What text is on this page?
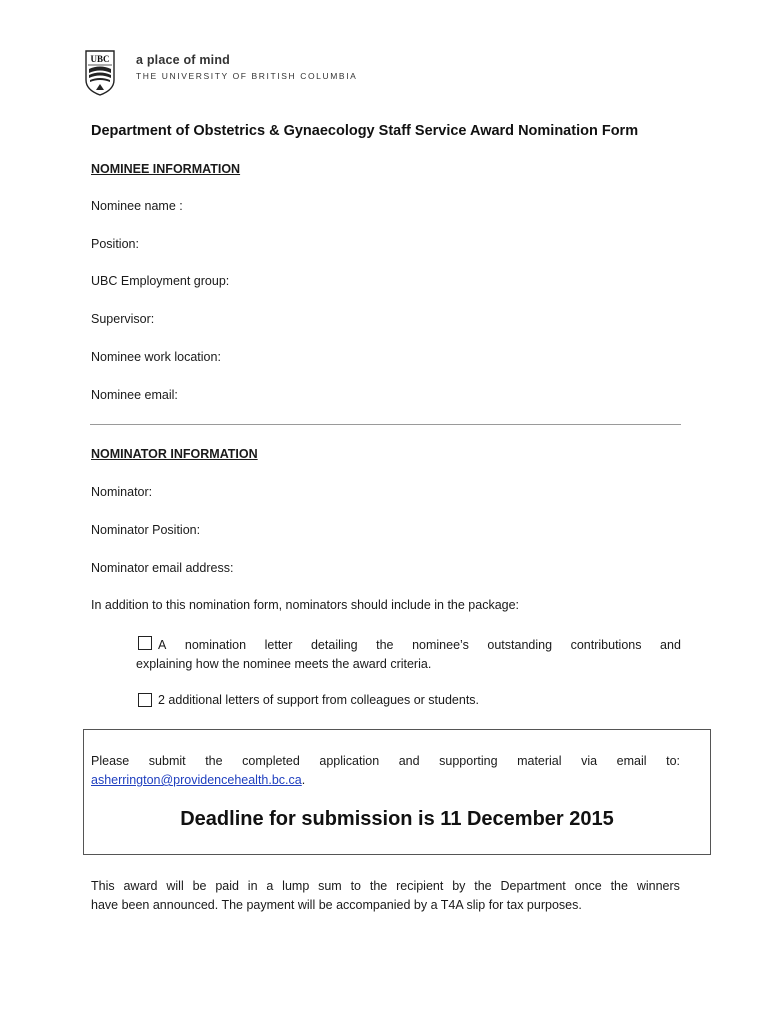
UBC a place of mind
THE UNIVERSITY OF BRITISH COLUMBIA
Department of Obstetrics & Gynaecology Staff Service Award Nomination Form
NOMINEE INFORMATION
Nominee name :
Position:
UBC Employment group:
Supervisor:
Nominee work location:
Nominee email:
NOMINATOR INFORMATION
Nominator:
Nominator Position:
Nominator email address:
In addition to this nomination form, nominators should include in the package:
A nomination letter detailing the nominee’s outstanding contributions and
explaining how the nominee meets the award criteria.
2 additional letters of support from colleagues or students.
Please submit the completed application and supporting material via email to:
asherrington@providencehealth.bc.ca.
Deadline for submission is 11 December 2015
This award will be paid in a lump sum to the recipient by the Department once the winners
have been announced. The payment will be accompanied by a T4A slip for tax purposes.
